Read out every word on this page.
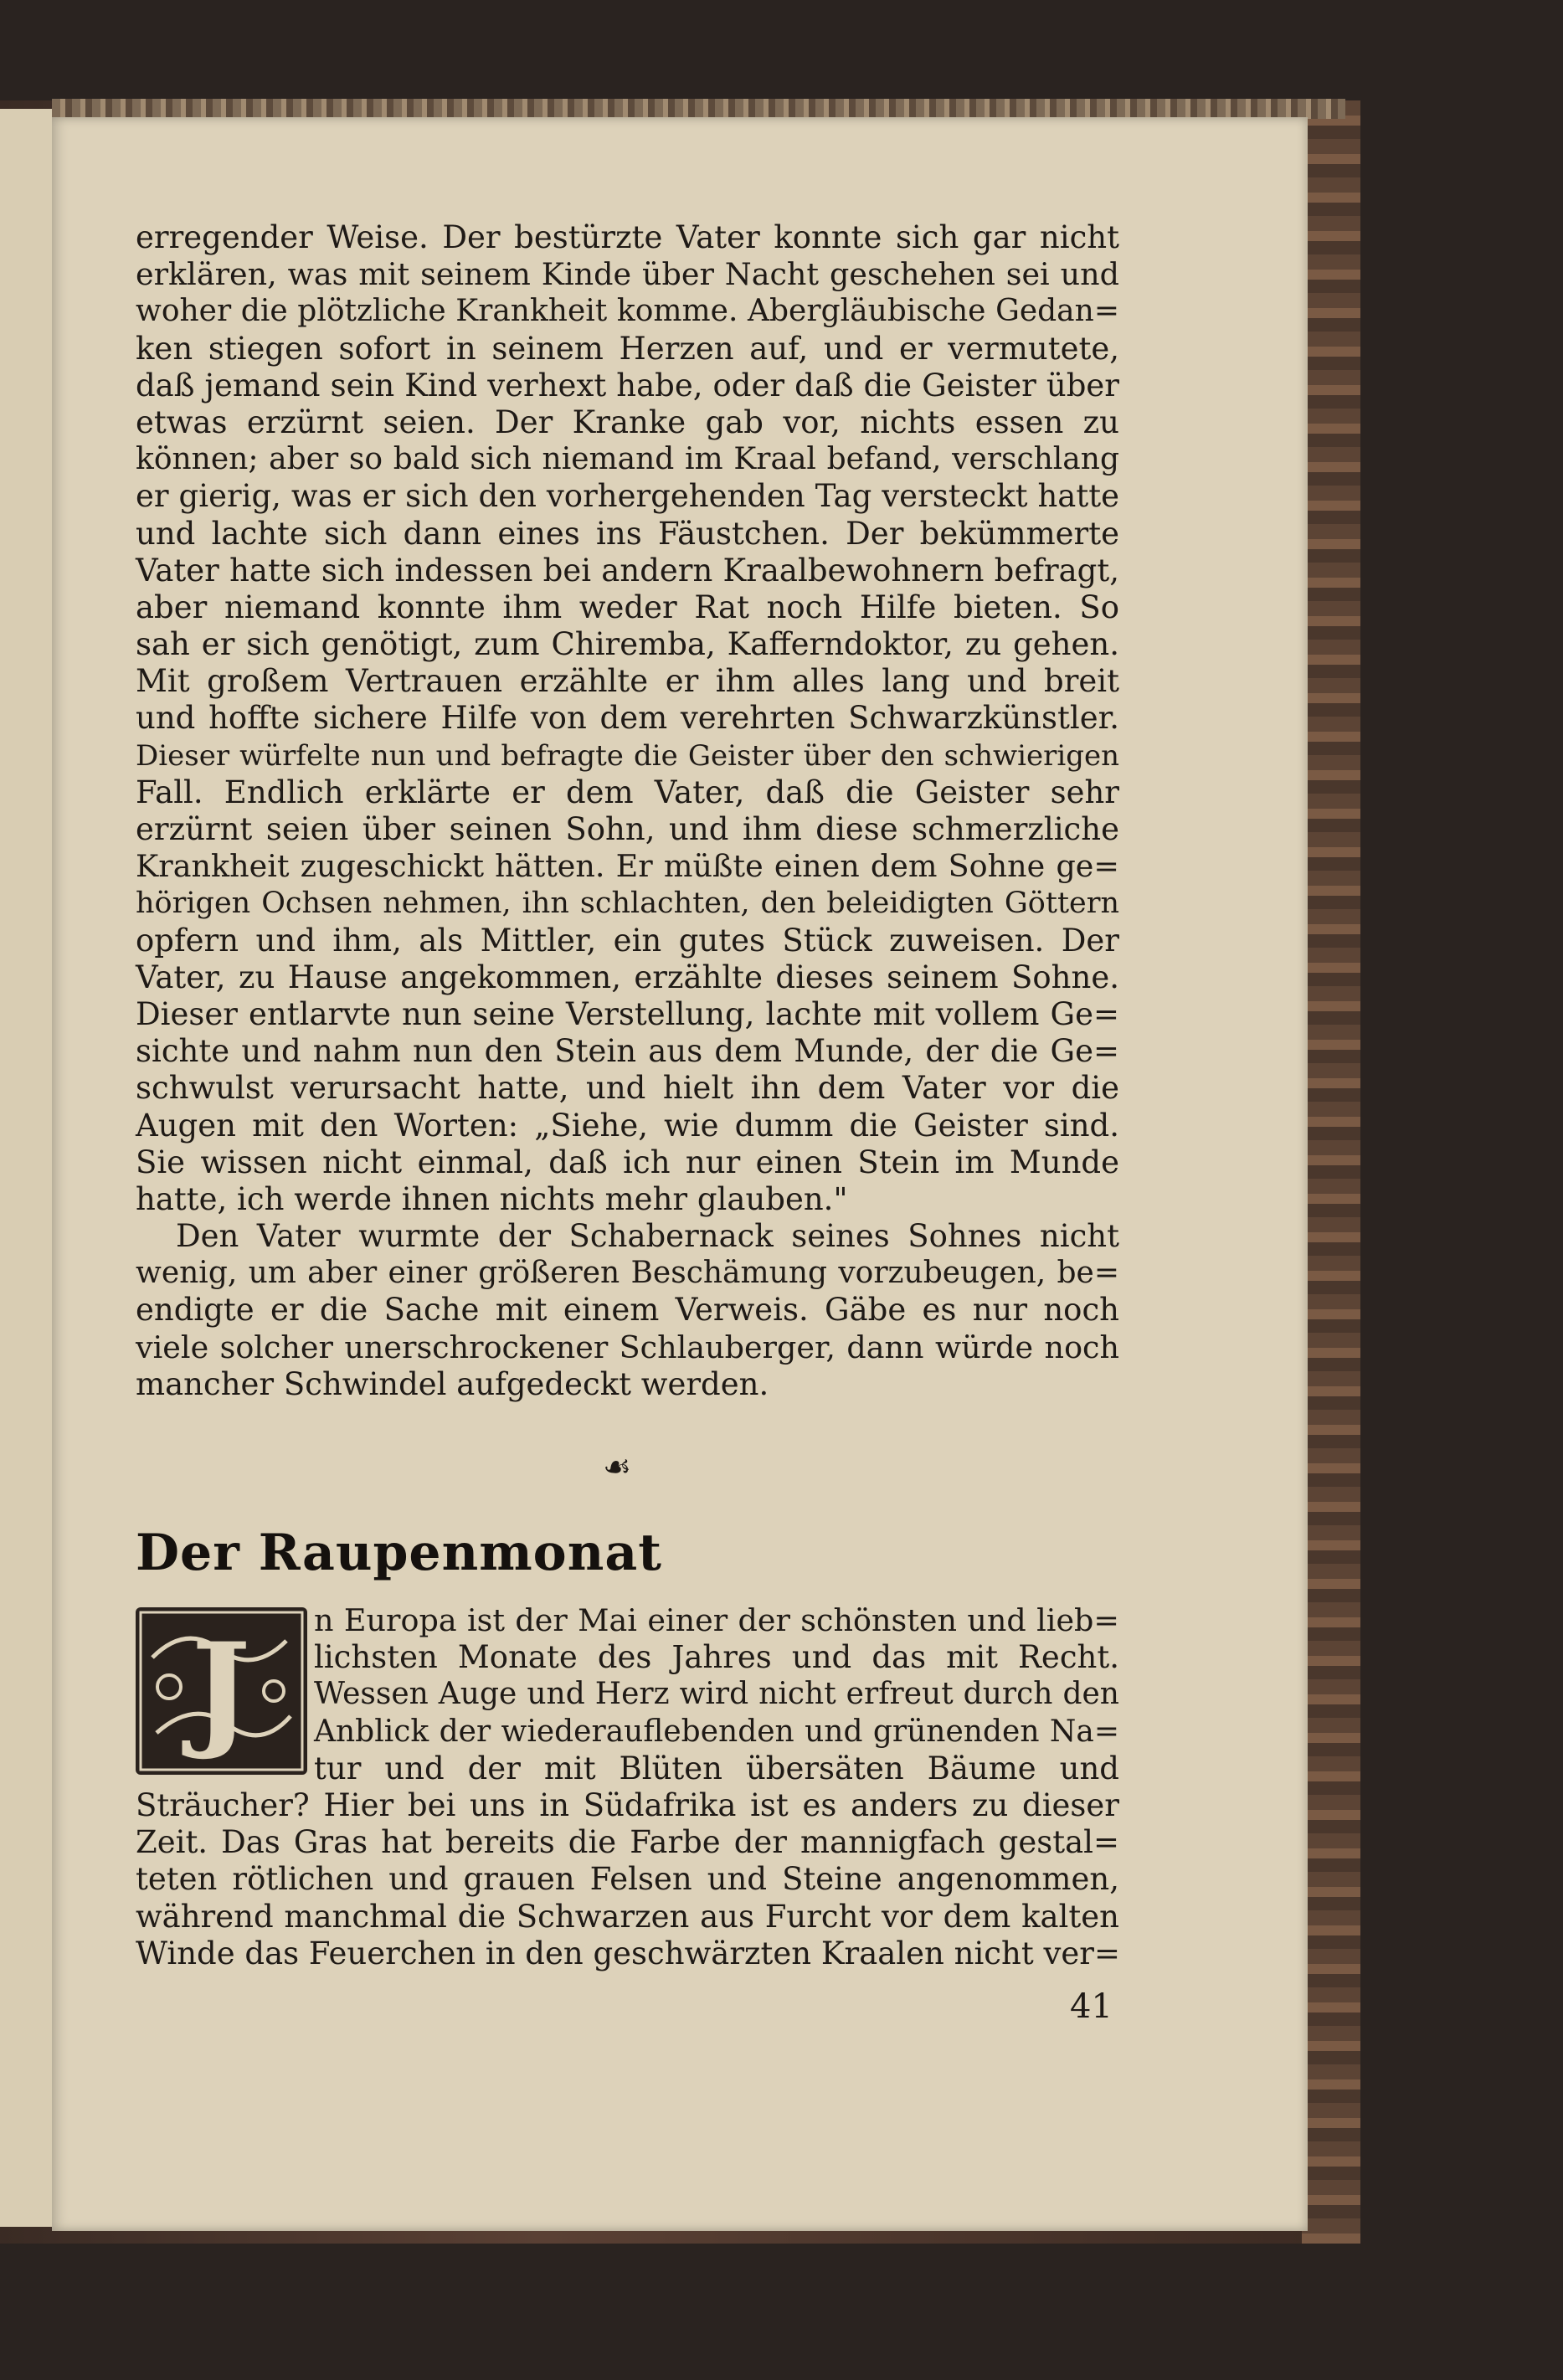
erregender Weise. Der bestürzte Vater konnte sich gar nicht
erklären, was mit seinem Kinde über Nacht geschehen sei und
woher die plötzliche Krankheit komme. Abergläubische Gedan=
ken stiegen sofort in seinem Herzen auf, und er vermutete,
daß jemand sein Kind verhext habe, oder daß die Geister über
etwas erzürnt seien. Der Kranke gab vor, nichts essen zu
können; aber so bald sich niemand im Kraal befand, verschlang
er gierig, was er sich den vorhergehenden Tag versteckt hatte
und lachte sich dann eines ins Fäustchen. Der bekümmerte
Vater hatte sich indessen bei andern Kraalbewohnern befragt,
aber niemand konnte ihm weder Rat noch Hilfe bieten. So
sah er sich genötigt, zum Chiremba, Kafferndoktor, zu gehen.
Mit großem Vertrauen erzählte er ihm alles lang und breit
und hoffte sichere Hilfe von dem verehrten Schwarzkünstler.
Dieser würfelte nun und befragte die Geister über den schwierigen
Fall. Endlich erklärte er dem Vater, daß die Geister sehr
erzürnt seien über seinen Sohn, und ihm diese schmerzliche
Krankheit zugeschickt hätten. Er müßte einen dem Sohne ge=
hörigen Ochsen nehmen, ihn schlachten, den beleidigten Göttern
opfern und ihm, als Mittler, ein gutes Stück zuweisen. Der
Vater, zu Hause angekommen, erzählte dieses seinem Sohne.
Dieser entlarvte nun seine Verstellung, lachte mit vollem Ge=
sichte und nahm nun den Stein aus dem Munde, der die Ge=
schwulst verursacht hatte, und hielt ihn dem Vater vor die
Augen mit den Worten: „Siehe, wie dumm die Geister sind.
Sie wissen nicht einmal, daß ich nur einen Stein im Munde
hatte, ich werde ihnen nichts mehr glauben."
Den Vater wurmte der Schabernack seines Sohnes nicht
wenig, um aber einer größeren Beschämung vorzubeugen, be=
endigte er die Sache mit einem Verweis. Gäbe es nur noch
viele solcher unerschrockener Schlauberger, dann würde noch
mancher Schwindel aufgedeckt werden.
☙
Der Raupenmonat
J n Europa ist der Mai einer der schönsten und lieb=
lichsten Monate des Jahres und das mit Recht.
Wessen Auge und Herz wird nicht erfreut durch den
Anblick der wiederauflebenden und grünenden Na=
tur und der mit Blüten übersäten Bäume und
Sträucher? Hier bei uns in Südafrika ist es anders zu dieser
Zeit. Das Gras hat bereits die Farbe der mannigfach gestal=
teten rötlichen und grauen Felsen und Steine angenommen,
während manchmal die Schwarzen aus Furcht vor dem kalten
Winde das Feuerchen in den geschwärzten Kraalen nicht ver=
41
